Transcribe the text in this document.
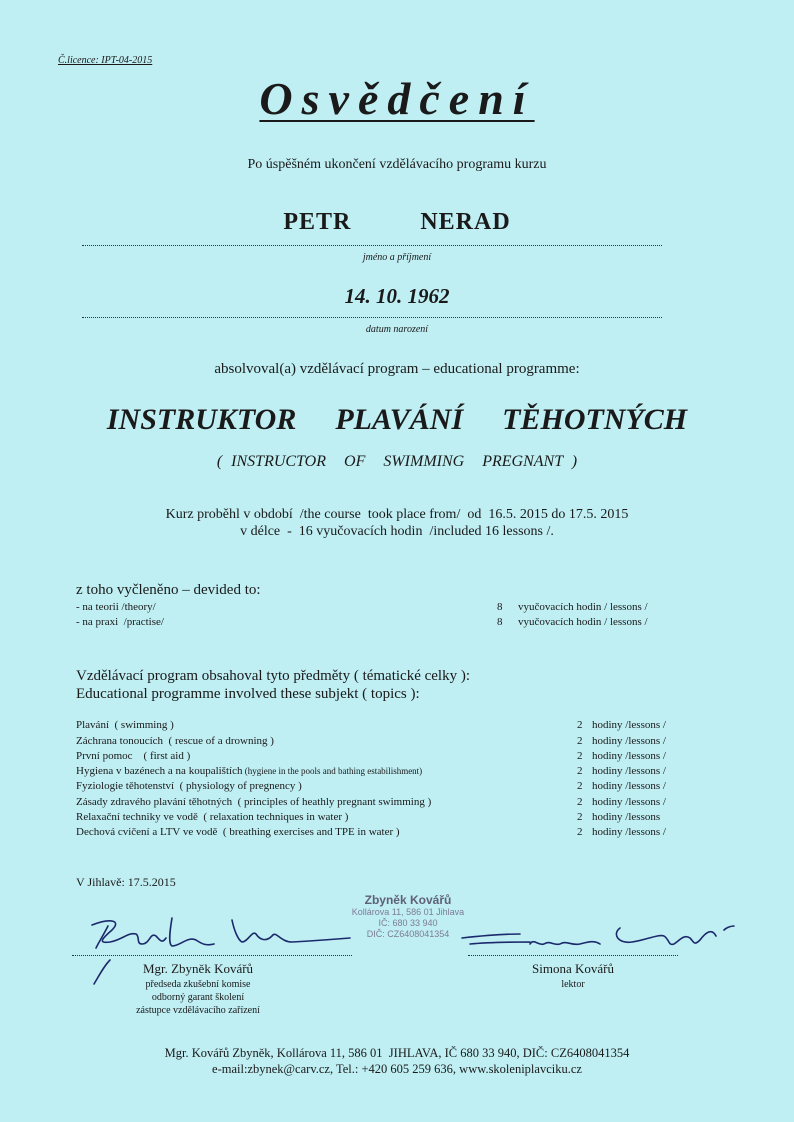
Č.licence: IPT-04-2015
Osvědčení
Po úspěšném ukončení vzdělávacího programu kurzu
PETR   NERAD
jméno a příjmení
14. 10. 1962
datum narození
absolvoval(a) vzdělávací program – educational programme:
INSTRUKTOR  PLAVÁNÍ  TĚHOTNÝCH
( INSTRUCTOR  OF  SWIMMING  PREGNANT )
Kurz proběhl v období  /the course  took place from/  od  16.5. 2015 do 17.5. 2015
v délce  -  16 vyučovacích hodin  /included 16 lessons /.
z toho vyčleněno – devided to:
- na teorii /theory/	8 vyučovacích hodin / lessons /
- na praxi  /practise/	8 vyučovacích hodin / lessons /
Vzdělávací program obsahoval tyto předměty ( tématické celky ):
Educational programme involved these subjekt ( topics ):
Plavání  ( swimming )	2 hodiny /lessons /
Záchrana tonoucích  ( rescue of a drowning )	2 hodiny /lessons /
První pomoc    ( first aid )	2 hodiny /lessons /
Hygiena v bazénech a na koupalištích (hygiene in the pools and bathing estabilishment)	2 hodiny /lessons /
Fyziologie těhotenství  ( physiology of pregnency )	2 hodiny /lessons /
Zásady zdravého plavání těhotných  ( principles of heathly pregnant swimming )	2 hodiny /lessons /
Relaxační techniky ve vodě  ( relaxation techniques in water )	2 hodiny /lessons
Dechová cvičení a LTV ve vodě  ( breathing exercises and TPE in water )	2 hodiny /lessons /
V Jihlavě: 17.5.2015
Zbyněk Kovářů
Kollárova 11, 586 01 Jihlava
IČ: 680 33 940
DIČ: CZ6408041354
Mgr. Zbyněk Kovářů
předseda zkušební komise
odborný garant školení
zástupce vzdělávacího zařízení
Simona Kovářů
lektor
Mgr. Kovářů Zbyněk, Kollárova 11, 586 01  JIHLAVA, IČ 680 33 940, DIČ: CZ6408041354
e-mail:zbynek@carv.cz, Tel.: +420 605 259 636, www.skoleniplavciku.cz
